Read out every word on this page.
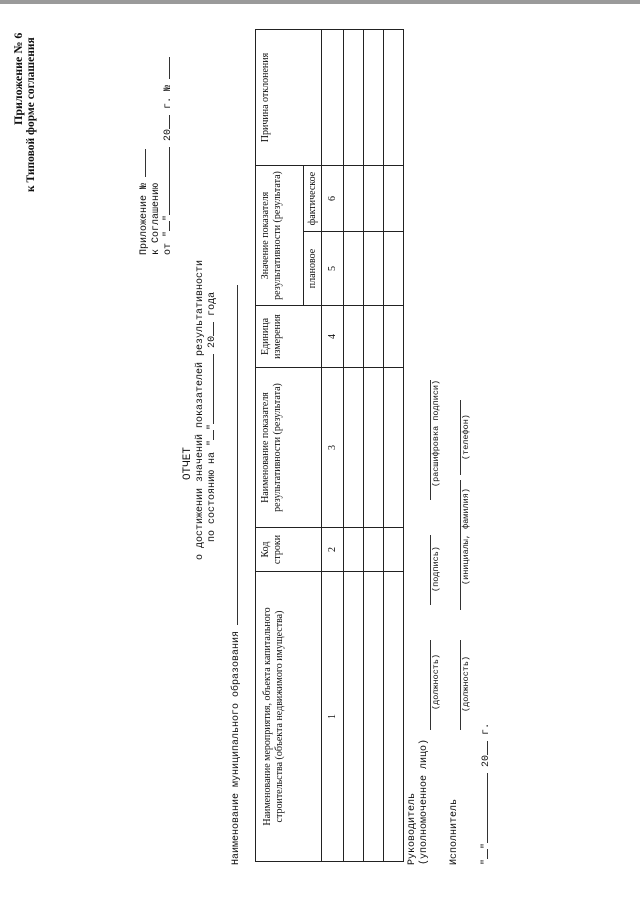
Приложение № 6 к Типовой форме соглашения
Приложение № к Соглашению от "" 20 г. №
ОТЧЕТ о достижении значений показателей результативности по состоянию на "" 20 года
Наименование муниципального образования Наименование мероприятия, объекта капитального строительства (объекта недвижимого имущества)	Код строки	Наименование показателя результативности (результата)	Единица измерения	Значение показателя результативности (результата)		Причина отклонения

				плановое	фактическое	
1	2	3	4	5	6	

Руководитель (уполномоченное лицо)
(должность)
(подпись)
(расшифровка подписи)
Исполнитель
(должность)
(инициалы, фамилия)
(телефон)
"" 20 г.
